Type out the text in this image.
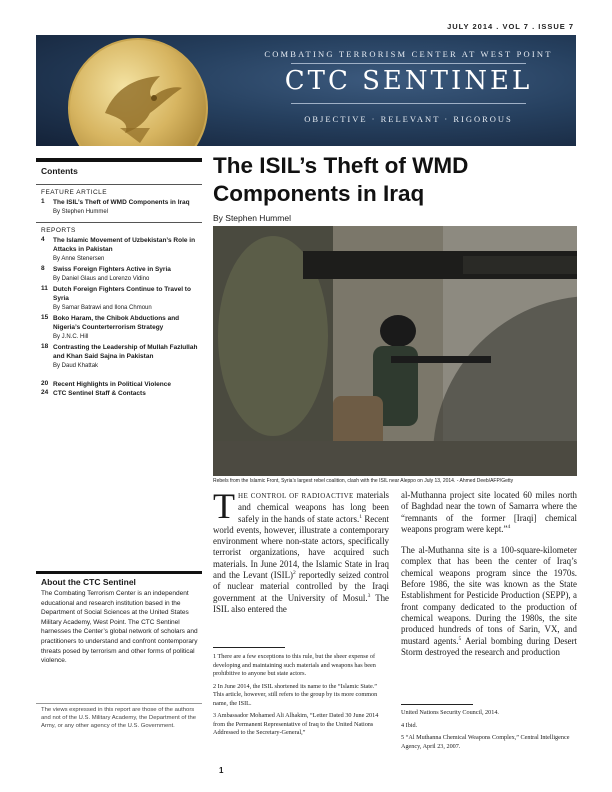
JULY 2014 . VOL 7 . ISSUE 7
COMBATING TERRORISM CENTER AT WEST POINT
CTC SENTINEL
OBJECTIVE · RELEVANT · RIGOROUS
Contents
FEATURE ARTICLE
1	The ISIL’s Theft of WMD Components in Iraq
By Stephen Hummel
REPORTS
4	The Islamic Movement of Uzbekistan’s Role in Attacks in Pakistan
By Anne Stenersen
8	Swiss Foreign Fighters Active in Syria
By Daniel Glaus and Lorenzo Vidino
11 Dutch Foreign Fighters Continue to Travel to Syria
By Samar Batrawi and Ilona Chmoun
15 Boko Haram, the Chibok Abductions and Nigeria’s Counterterrorism Strategy
By J.N.C. Hill
18 Contrasting the Leadership of Mullah Fazlullah and Khan Said Sajna in Pakistan
By Daud Khattak
20 Recent Highlights in Political Violence
24 CTC Sentinel Staff & Contacts
About the CTC Sentinel

The Combating Terrorism Center is an independent educational and research institution based in the Department of Social Sciences at the United States Military Academy, West Point. The CTC Sentinel harnesses the Center’s global network of scholars and practitioners to understand and confront contemporary threats posed by terrorism and other forms of political violence.

The views expressed in this report are those of the authors and not of the U.S. Military Academy, the Department of the Army, or any other agency of the U.S. Government.

The ISIL’s Theft of WMD Components in Iraq
By Stephen Hummel
Rebels from the Islamic Front, Syria’s largest rebel coalition, clash with the ISIL near Aleppo on July 13, 2014. - Ahmed Deeb/AFP/Getty
THE CONTROL OF RADIOACTIVE materials and chemical weapons has long been safely in the hands of state actors.$^1$ Recent world events, however, illustrate a contemporary environment where non-state actors, specifically terrorist organizations, have acquired such materials. In June 2014, the Islamic State in Iraq and the Levant (ISIL)$^2$ reportedly seized control of nuclear material controlled by the Iraqi government at the University of Mosul.$^3$ The ISIL also entered the

al-Muthanna project site located 60 miles north of Baghdad near the town of Samarra where the “remnants of the former [Iraqi] chemical weapons program were kept.”$^4$

The al-Muthanna site is a 100-square-kilometer complex that has been the center of Iraq’s chemical weapons program since the 1970s. Before 1986, the site was known as the State Establishment for Pesticide Production (SEPP), a front company dedicated to the production of chemical weapons. During the 1980s, the site produced hundreds of tons of Sarin, VX, and mustard agents.$^5$ Aerial bombing during Desert Storm destroyed the research and production

1 There are a few exceptions to this rule, but the sheer expense of developing and maintaining such materials and weapons has been prohibitive to anyone but state actors.

2 In June 2014, the ISIL shortened its name to the “Islamic State.” This article, however, still refers to the group by its more common name, the ISIL.

3 Ambassador Mohamed Ali Alhakim, “Letter Dated 30 June 2014 from the Permanent Representative of Iraq to the United Nations Addressed to the Secretary-General,”

United Nations Security Council, 2014.

4 Ibid.

5 “Al Muthanna Chemical Weapons Complex,” Central Intelligence Agency, April 23, 2007.

1
